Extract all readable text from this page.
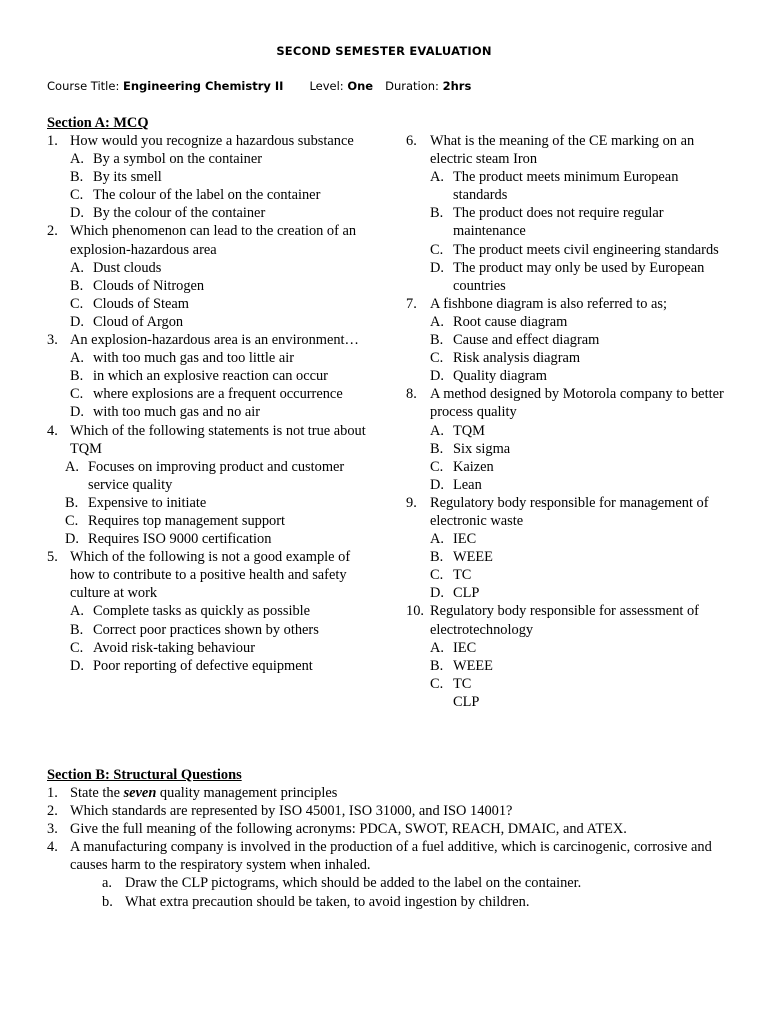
SECOND SEMESTER EVALUATION
Course Title: Engineering Chemistry II Level: One Duration: 2hrs
Section A: MCQ
1. How would you recognize a hazardous substance
A. By a symbol on the container
B. By its smell
C. The colour of the label on the container
D. By the colour of the container
2. Which phenomenon can lead to the creation of an explosion-hazardous area
A. Dust clouds
B. Clouds of Nitrogen
C. Clouds of Steam
D. Cloud of Argon
3. An explosion-hazardous area is an environment…
A. with too much gas and too little air
B. in which an explosive reaction can occur
C. where explosions are a frequent occurrence
D. with too much gas and no air
4. Which of the following statements is not true about TQM
A. Focuses on improving product and customer service quality
B. Expensive to initiate
C. Requires top management support
D. Requires ISO 9000 certification
5. Which of the following is not a good example of how to contribute to a positive health and safety culture at work
A. Complete tasks as quickly as possible
B. Correct poor practices shown by others
C. Avoid risk-taking behaviour
D. Poor reporting of defective equipment
6. What is the meaning of the CE marking on an electric steam Iron
A. The product meets minimum European standards
B. The product does not require regular maintenance
C. The product meets civil engineering standards
D. The product may only be used by European countries
7. A fishbone diagram is also referred to as;
A. Root cause diagram
B. Cause and effect diagram
C. Risk analysis diagram
D. Quality diagram
8. A method designed by Motorola company to better process quality
A. TQM
B. Six sigma
C. Kaizen
D. Lean
9. Regulatory body responsible for management of electronic waste
A. IEC
B. WEEE
C. TC
D. CLP
10. Regulatory body responsible for assessment of electrotechnology
A. IEC
B. WEEE
C. TC
CLP
Section B: Structural Questions
1. State the seven quality management principles
2. Which standards are represented by ISO 45001, ISO 31000, and ISO 14001?
3. Give the full meaning of the following acronyms: PDCA, SWOT, REACH, DMAIC, and ATEX.
4. A manufacturing company is involved in the production of a fuel additive, which is carcinogenic, corrosive and causes harm to the respiratory system when inhaled.
a. Draw the CLP pictograms, which should be added to the label on the container.
b. What extra precaution should be taken, to avoid ingestion by children.
